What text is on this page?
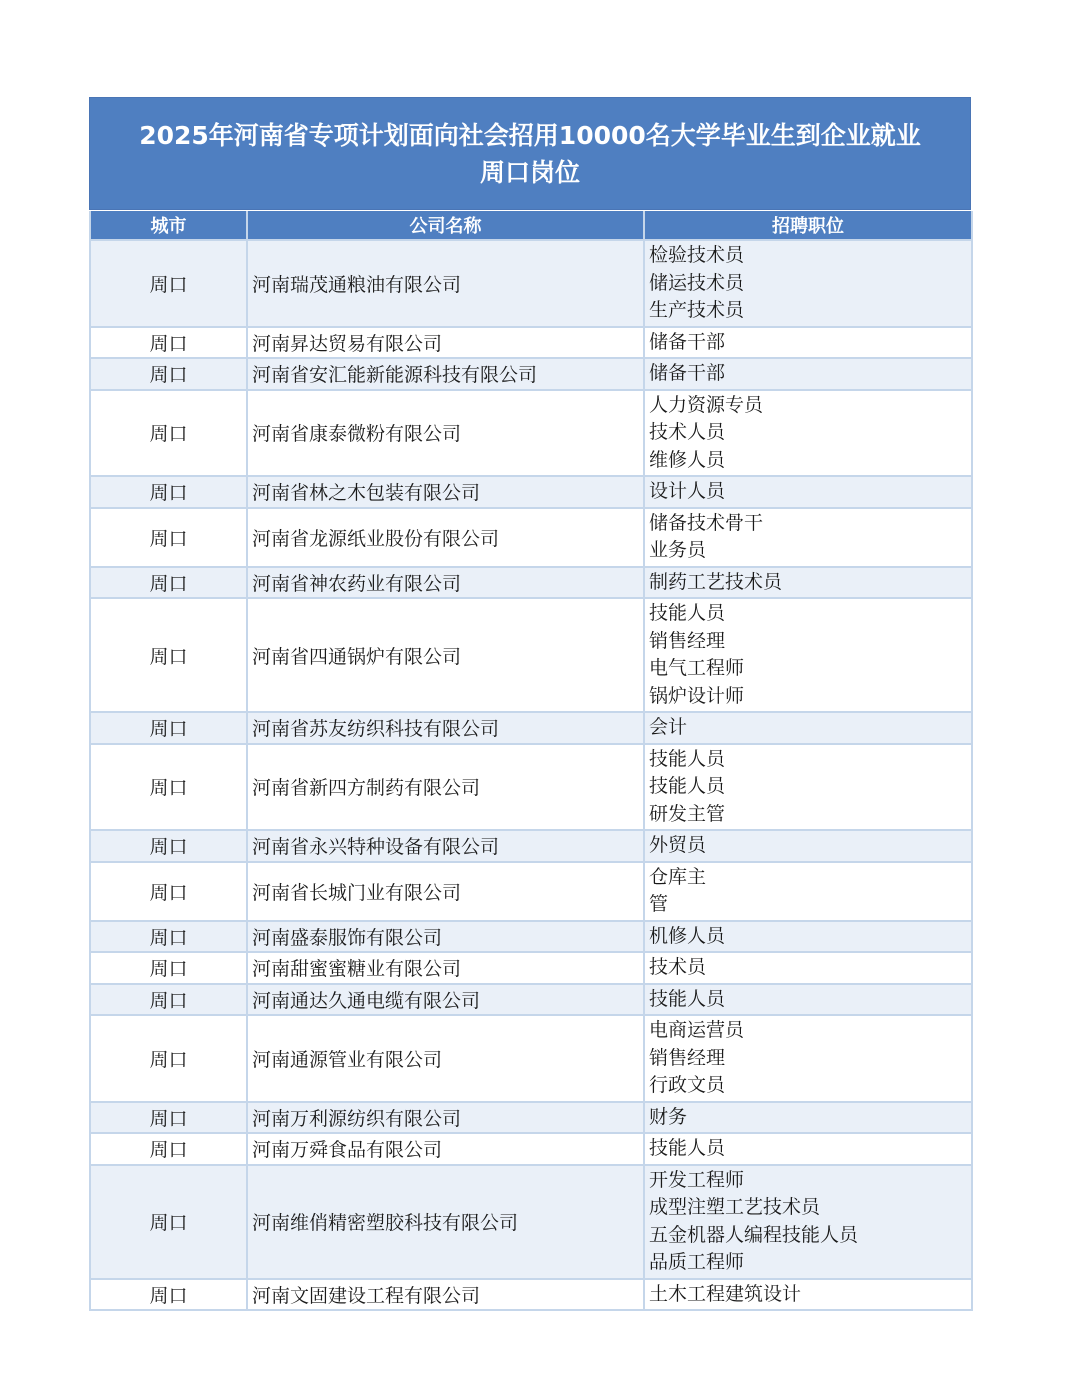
2025年河南省专项计划面向社会招用10000名大学毕业生到企业就业
周口岗位
城市	公司名称	招聘职位
周口	河南瑞茂通粮油有限公司	检验技术员
储运技术员
生产技术员

周口	河南昇达贸易有限公司	储备干部

周口	河南省安汇能新能源科技有限公司	储备干部

周口	河南省康泰微粉有限公司	人力资源专员
技术人员
维修人员

周口	河南省林之木包装有限公司	设计人员

周口	河南省龙源纸业股份有限公司	储备技术骨干
业务员

周口	河南省神农药业有限公司	制药工艺技术员

周口	河南省四通锅炉有限公司	技能人员
销售经理
电气工程师
锅炉设计师

周口	河南省苏友纺织科技有限公司	会计

周口	河南省新四方制药有限公司	技能人员
技能人员
研发主管

周口	河南省永兴特种设备有限公司	外贸员

周口	河南省长城门业有限公司	仓库主
管

周口	河南盛泰服饰有限公司	机修人员

周口	河南甜蜜蜜糖业有限公司	技术员

周口	河南通达久通电缆有限公司	技能人员

周口	河南通源管业有限公司	电商运营员
销售经理
行政文员

周口	河南万利源纺织有限公司	财务

周口	河南万舜食品有限公司	技能人员

周口	河南维俏精密塑胶科技有限公司	开发工程师
成型注塑工艺技术员
五金机器人编程技能人员
品质工程师

周口	河南文固建设工程有限公司	土木工程建筑设计
